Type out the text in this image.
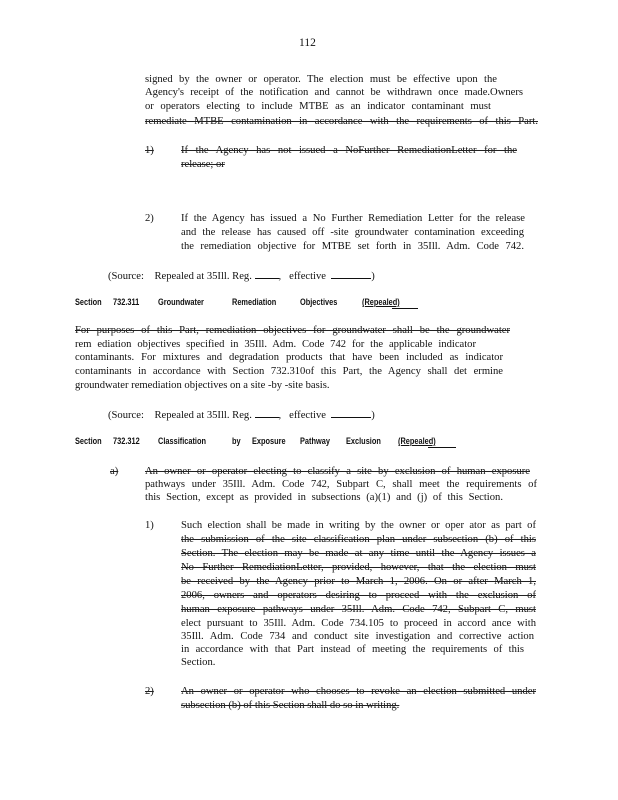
112
signed by the owner or operator. The election must be effective upon the
Agency's receipt of the notification and cannot be withdrawn once made.Owners
or operators electing to include MTBE as an indicator contaminant must
remediate MTBE contamination in accordance with the requirements of this Part.
1)	If the Agency has not issued a NoFurther RemediationLetter for the
release; or
2)	If the Agency has issued a No Further Remediation Letter for the release
and the release has caused off -site groundwater contamination exceeding
the remediation objective for MTBE set forth in 35Ill. Adm. Code 742.
(Source: Repealed at 35Ill. Reg.	, effective	)
Section 732.311 Groundwater	Remediation	Objectives	(Repealed)
For purposes of this Part, remediation objectives for groundwater shall be the groundwater
rem ediation objectives specified in 35Ill. Adm. Code 742 for the applicable indicator
contaminants. For mixtures and degradation products that have been included as indicator
contaminants in accordance with Section 732.310of this Part, the Agency shall det ermine
groundwater remediation objectives on a site -by -site basis.
(Source: Repealed at 35Ill. Reg.	, effective	)
Section 732.312 Classification	by Exposure Pathway Exclusion (Repealed)
a)	An owner or operator electing to classify a site by exclusion of human exposure
pathways under 35Ill. Adm. Code 742, Subpart C, shall meet the requirements of
this Section, except as provided in subsections (a)(1) and (j) of this Section.
1)	Such election shall be made in writing by the owner or oper ator as part of
the submission of the site classification plan under subsection (b) of this
Section. The election may be made at any time until the Agency issues a
No Further RemediationLetter, provided, however, that the election must
be received by the Agency prior to March 1, 2006. On or after March 1,
2006, owners and operators desiring to proceed with the exclusion of
human exposure pathways under 35Ill. Adm. Code 742, Subpart C, must
elect pursuant to 35Ill. Adm. Code 734.105 to proceed in accord ance with
35Ill. Adm. Code 734 and conduct site investigation and corrective action
in accordance with that Part instead of meeting the requirements of this
Section.
2)	An owner or operator who chooses to revoke an election submitted under
subsection (b) of this Section shall do so in writing.
